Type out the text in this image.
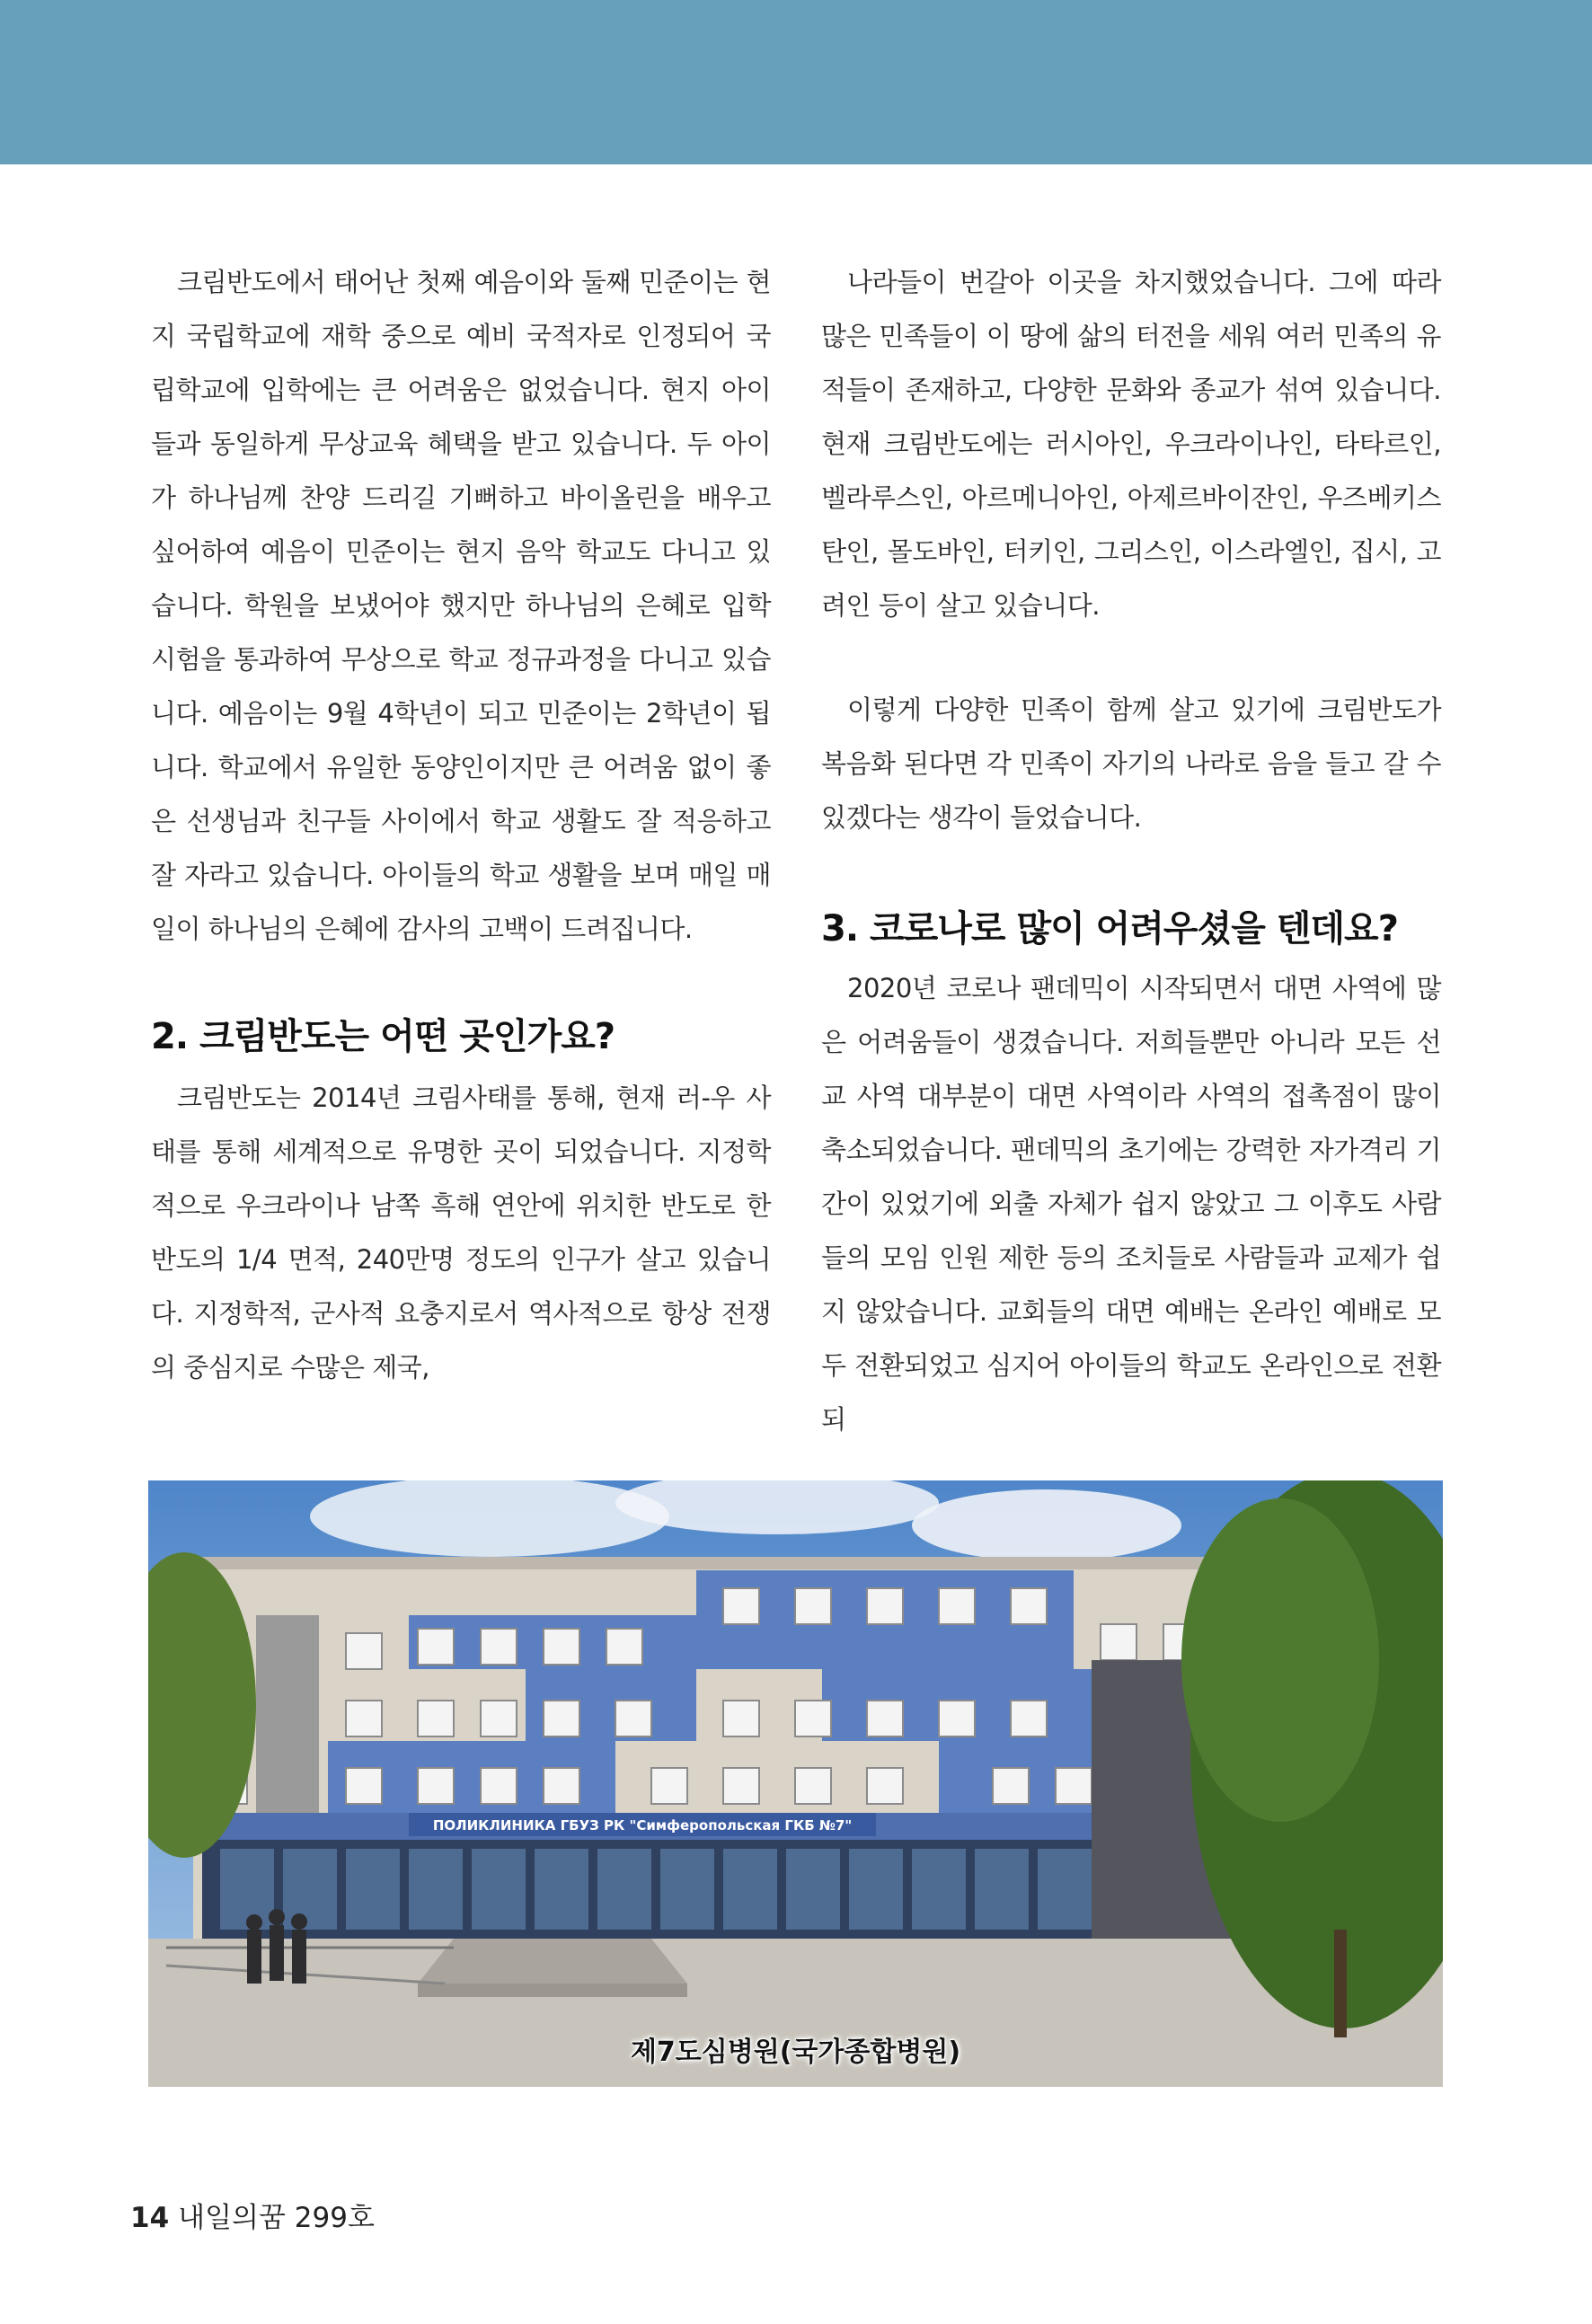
크림반도에서 태어난 첫째 예음이와 둘째 민준이는 현지 국립학교에 재학 중으로 예비 국적자로 인정되어 국립학교에 입학에는 큰 어려움은 없었습니다. 현지 아이들과 동일하게 무상교육 혜택을 받고 있습니다. 두 아이가 하나님께 찬양 드리길 기뻐하고 바이올린을 배우고 싶어하여 예음이 민준이는 현지 음악 학교도 다니고 있습니다. 학원을 보냈어야 했지만 하나님의 은혜로 입학 시험을 통과하여 무상으로 학교 정규과정을 다니고 있습니다. 예음이는 9월 4학년이 되고 민준이는 2학년이 됩니다. 학교에서 유일한 동양인이지만 큰 어려움 없이 좋은 선생님과 친구들 사이에서 학교 생활도 잘 적응하고 잘 자라고 있습니다. 아이들의 학교 생활을 보며 매일 매일이 하나님의 은혜에 감사의 고백이 드려집니다.

2. 크림반도는 어떤 곳인가요?

크림반도는 2014년 크림사태를 통해, 현재 러-우 사태를 통해 세계적으로 유명한 곳이 되었습니다. 지정학적으로 우크라이나 남쪽 흑해 연안에 위치한 반도로 한반도의 1/4 면적, 240만명 정도의 인구가 살고 있습니다. 지정학적, 군사적 요충지로서 역사적으로 항상 전쟁의 중심지로 수많은 제국,

나라들이 번갈아 이곳을 차지했었습니다. 그에 따라 많은 민족들이 이 땅에 삶의 터전을 세워 여러 민족의 유적들이 존재하고, 다양한 문화와 종교가 섞여 있습니다. 현재 크림반도에는 러시아인, 우크라이나인, 타타르인, 벨라루스인, 아르메니아인, 아제르바이잔인, 우즈베키스탄인, 몰도바인, 터키인, 그리스인, 이스라엘인, 집시, 고려인 등이 살고 있습니다.

이렇게 다양한 민족이 함께 살고 있기에 크림반도가 복음화 된다면 각 민족이 자기의 나라로 음을 들고 갈 수 있겠다는 생각이 들었습니다.

3. 코로나로 많이 어려우셨을 텐데요?

2020년 코로나 팬데믹이 시작되면서 대면 사역에 많은 어려움들이 생겼습니다. 저희들뿐만 아니라 모든 선교 사역 대부분이 대면 사역이라 사역의 접촉점이 많이 축소되었습니다. 팬데믹의 초기에는 강력한 자가격리 기간이 있었기에 외출 자체가 쉽지 않았고 그 이후도 사람들의 모임 인원 제한 등의 조치들로 사람들과 교제가 쉽지 않았습니다. 교회들의 대면 예배는 온라인 예배로 모두 전환되었고 심지어 아이들의 학교도 온라인으로 전환 되

ПОЛИКЛИНИКА ГБУЗ РК "Симферопольская ГКБ №7"
제7도심병원(국가종합병원)
14 내일의꿈 299호
